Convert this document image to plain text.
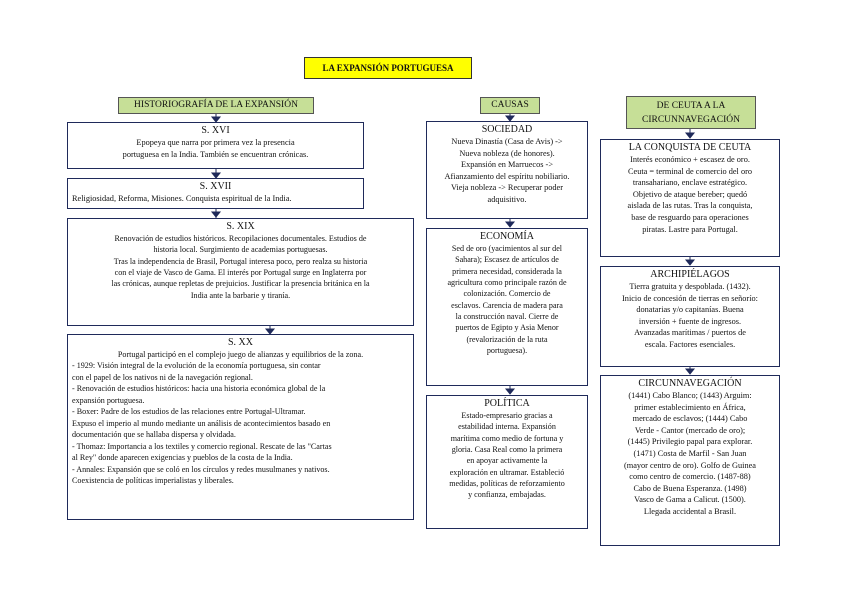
LA EXPANSIÓN PORTUGUESA
HISTORIOGRAFÍA DE LA EXPANSIÓN
S. XVI
Epopeya que narra por primera vez la presencia
portuguesa en la India. También se encuentran crónicas.
S. XVII
Religiosidad, Reforma, Misiones. Conquista espiritual de la India.
S. XIX
Renovación de estudios históricos. Recopilaciones documentales. Estudios de
historia local. Surgimiento de academias portuguesas.
Tras la independencia de Brasil, Portugal interesa poco, pero realza su historia
con el viaje de Vasco de Gama. El interés por Portugal surge en Inglaterra por
las crónicas, aunque repletas de prejuicios. Justificar la presencia británica en la
India ante la barbarie y tiranía.
S. XX
Portugal participó en el complejo juego de alianzas y equilibrios de la zona.
- 1929: Visión integral de la evolución de la economía portuguesa, sin contar
con el papel de los nativos ni de la navegación regional.
- Renovación de estudios históricos: hacia una historia económica global de la
expansión portuguesa.
- Boxer: Padre de los estudios de las relaciones entre Portugal-Ultramar.
Expuso el imperio al mundo mediante un análisis de acontecimientos basado en
documentación que se hallaba dispersa y olvidada.
- Thomaz: Importancia a los textiles y comercio regional. Rescate de las "Cartas
al Rey" donde aparecen exigencias y pueblos de la costa de la India.
- Annales: Expansión que se coló en los círculos y redes musulmanes y nativos.
Coexistencia de políticas imperialistas y liberales.
CAUSAS
SOCIEDAD
Nueva Dinastía (Casa de Avis) ->
Nueva nobleza (de honores).
Expansión en Marruecos ->
Afianzamiento del espíritu nobiliario.
Vieja nobleza -> Recuperar poder
adquisitivo.
ECONOMÍA
Sed de oro (yacimientos al sur del
Sahara); Escasez de artículos de
primera necesidad, considerada la
agricultura como principale razón de
colonización. Comercio de
esclavos. Carencia de madera para
la construcción naval. Cierre de
puertos de Egipto y Asia Menor
(revalorización de la ruta
portuguesa).
POLÍTICA
Estado-empresario gracias a
estabilidad interna. Expansión
marítima como medio de fortuna y
gloria. Casa Real como la primera
en apoyar activamente la
exploración en ultramar. Estableció
medidas, políticas de reforzamiento
y confianza, embajadas.
DE CEUTA A LA
CIRCUNNAVEGACIÓN
LA CONQUISTA DE CEUTA
Interés económico + escasez de oro.
Ceuta = terminal de comercio del oro
transahariano, enclave estratégico.
Objetivo de ataque bereber; quedó
aislada de las rutas. Tras la conquista,
base de resguardo para operaciones
piratas. Lastre para Portugal.
ARCHIPIÉLAGOS
Tierra gratuita y despoblada. (1432).
Inicio de concesión de tierras en señorío:
donatarias y/o capitanías. Buena
inversión + fuente de ingresos.
Avanzadas marítimas / puertos de
escala. Factores esenciales.
CIRCUNNAVEGACIÓN
(1441) Cabo Blanco; (1443) Arguim:
primer establecimiento en África,
mercado de esclavos; (1444) Cabo
Verde - Cantor (mercado de oro);
(1445) Privilegio papal para explorar.
(1471) Costa de Marfil - San Juan
(mayor centro de oro). Golfo de Guinea
como centro de comercio. (1487-88)
Cabo de Buena Esperanza. (1498)
Vasco de Gama a Calicut. (1500).
Llegada accidental a Brasil.
